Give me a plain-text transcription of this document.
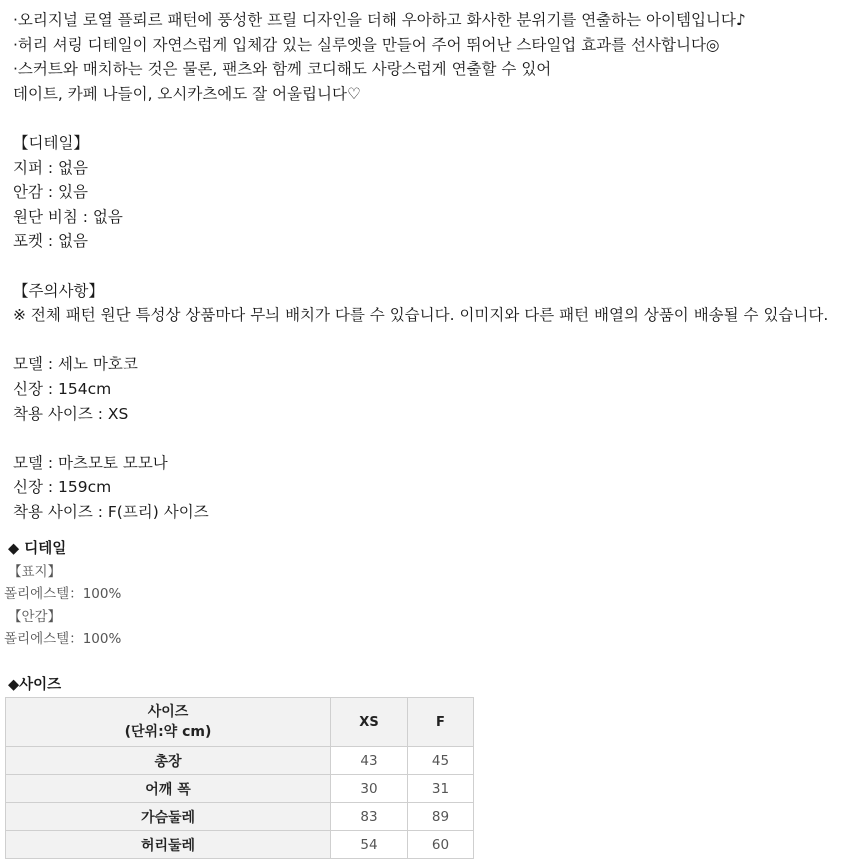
·오리지널 로열 플뢰르 패턴에 풍성한 프릴 디자인을 더해 우아하고 화사한 분위기를 연출하는 아이템입니다♪
·허리 셔링 디테일이 자연스럽게 입체감 있는 실루엣을 만들어 주어 뛰어난 스타일업 효과를 선사합니다◎
·스커트와 매치하는 것은 물론, 팬츠와 함께 코디해도 사랑스럽게 연출할 수 있어
데이트, 카페 나들이, 오시카츠에도 잘 어울립니다♡
【디테일】
지퍼 : 없음
안감 : 있음
원단 비침 : 없음
포켓 : 없음
【주의사항】
※ 전체 패턴 원단 특성상 상품마다 무늬 배치가 다를 수 있습니다. 이미지와 다른 패턴 배열의 상품이 배송될 수 있습니다.
모델 : 세노 마호코
신장 : 154cm
착용 사이즈 : XS
모델 : 마츠모토 모모나
신장 : 159cm
착용 사이즈 : F(프리) 사이즈
◆ 디테일
【표지】
폴리에스텔：100%
【안감】
폴리에스텔：100%
◆사이즈
사이즈
(단위:약 cm)	XS	F
총장	43	45
어깨 폭	30	31
가슴둘레	83	89
허리둘레	54	60
